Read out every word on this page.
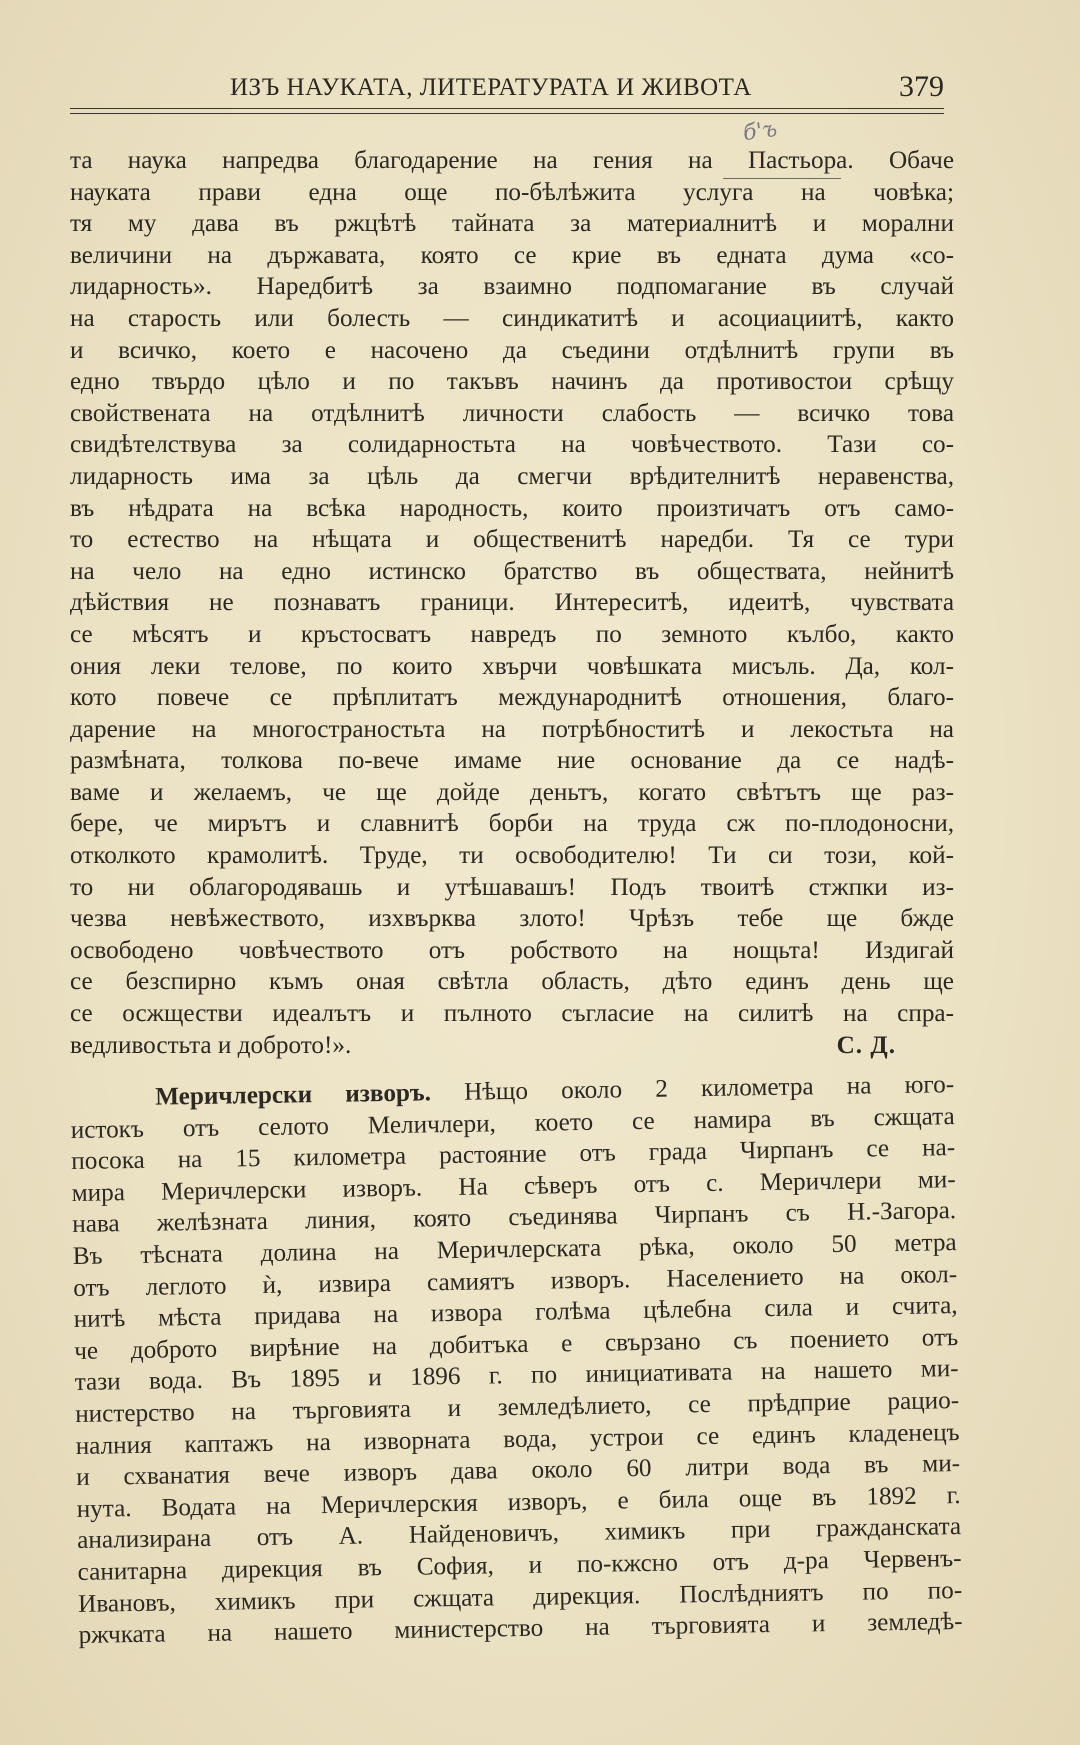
ИЗЪ НАУКАТА, ЛИТЕРАТУРАТА И ЖИВОТА	379
б'ъ
та наука напредва благодарение на гения на Пастьора. Обаче
науката прави една още по-бѣлѣжита услуга на човѣка;
тя му дава въ ржцѣтѣ тайната за материалнитѣ и морални
величини на държавата, която се крие въ едната дума «со-
лидарность». Наредбитѣ за взаимно подпомагание въ случай
на старость или болесть — синдикатитѣ и асоциациитѣ, както
и всичко, което е насочено да съедини отдѣлнитѣ групи въ
едно твърдо цѣло и по такъвъ начинъ да противостои срѣщу
свойствената на отдѣлнитѣ личности слабость — всичко това
свидѣтелствува за солидарностьта на човѣчеството. Тази со-
лидарность има за цѣль да смегчи врѣдителнитѣ неравенства,
въ нѣдрата на всѣка народность, които произтичатъ отъ само-
то естество на нѣщата и общественитѣ наредби. Тя се тури
на чело на едно истинско братство въ обществата, нейнитѣ
дѣйствия не познаватъ граници. Интереситѣ, идеитѣ, чувствата
се мѣсятъ и кръстосватъ навредъ по земното кълбо, както
ония леки телове, по които хвърчи човѣшката мисъль. Да, кол-
кото повече се прѣплитатъ международнитѣ отношения, благо-
дарение на многостраностьта на потрѣбноститѣ и лекостьта на
размѣната, толкова по-вече имаме ние основание да се надѣ-
ваме и желаемъ, че ще дойде деньтъ, когато свѣтътъ ще раз-
бере, че мирътъ и славнитѣ борби на труда сж по-плодоносни,
отколкото крамолитѣ. Труде, ти освободителю! Ти си този, кой-
то ни облагородявашь и утѣшавашъ! Подъ твоитѣ стжпки из-
чезва невѣжеството, изхвърква злото! Чрѣзъ тебе ще бжде
освободено човѣчеството отъ робството на нощьта! Издигай
се безспирно къмъ оная свѣтла область, дѣто единъ день ще
се осжществи идеалътъ и пълното съгласие на силитѣ на спра-
ведливостьта и доброто!».	С. Д.
Меричлерски изворъ. Нѣщо около 2 километра на юго-
истокъ отъ селото Меличлери, което се намира въ сжщата
посока на 15 километра растояние отъ града Чирпанъ се на-
мира Меричлерски изворъ. На сѣверъ отъ с. Меричлери ми-
нава желѣзната линия, която съединява Чирпанъ съ Н.-Загора.
Въ тѣсната долина на Меричлерската рѣка, около 50 метра
отъ леглото ѝ, извира самиятъ изворъ. Населението на окол-
нитѣ мѣста придава на извора голѣма цѣлебна сила и счита,
че доброто вирѣние на добитъка е свързано съ поението отъ
тази вода. Въ 1895 и 1896 г. по инициативата на нашето ми-
нистерство на търговията и земледѣлието, се прѣдприе рацио-
налния каптажъ на изворната вода, устрои се единъ кладенецъ
и схванатия вече изворъ дава около 60 литри вода въ ми-
нута. Водата на Меричлерския изворъ, е била още въ 1892 г.
анализирана отъ А. Найденовичъ, химикъ при гражданската
санитарна дирекция въ София, и по-кжсно отъ д-ра Червенъ-
Ивановъ, химикъ при сжщата дирекция. Послѣдниятъ по по-
ржчката на нашето министерство на търговията и земледѣ-
